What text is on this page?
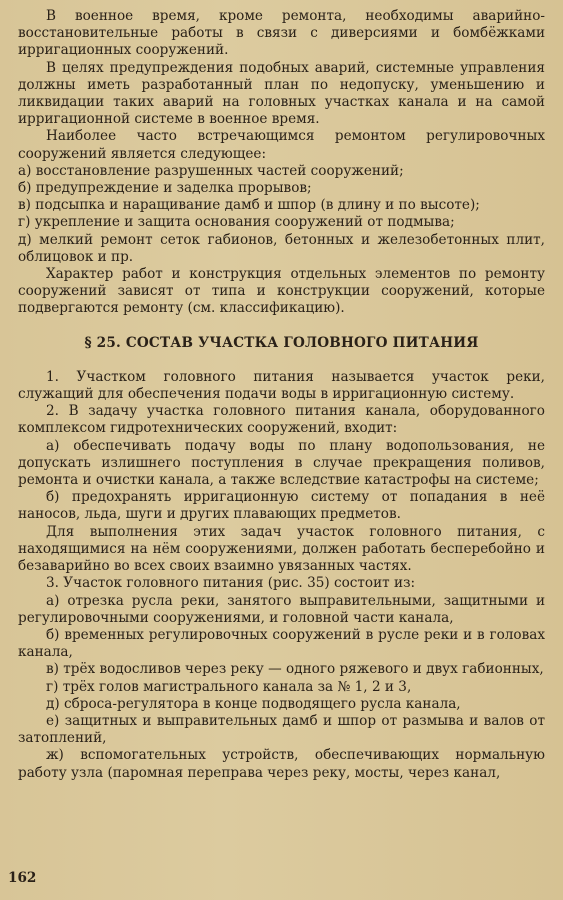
В военное время, кроме ремонта, необходимы аварийно-восстановительные работы в связи с диверсиями и бомбёжками ирригационных сооружений.

В целях предупреждения подобных аварий, системные управления должны иметь разработанный план по недопуску, уменьшению и ликвидации таких аварий на головных участках канала и на самой ирригационной системе в военное время.

Наиболее часто встречающимся ремонтом регулировочных сооружений является следующее:

а) восстановление разрушенных частей сооружений;

б) предупреждение и заделка прорывов;

в) подсыпка и наращивание дамб и шпор (в длину и по высоте);

г) укрепление и защита основания сооружений от подмыва;

д) мелкий ремонт сеток габионов, бетонных и железобетонных плит, облицовок и пр.

Характер работ и конструкция отдельных элементов по ремонту сооружений зависят от типа и конструкции сооружений, которые подвергаются ремонту (см. классификацию).

§ 25. СОСТАВ УЧАСТКА ГОЛОВНОГО ПИТАНИЯ

1. Участком головного питания называется участок реки, служащий для обеспечения подачи воды в ирригационную систему.

2. В задачу участка головного питания канала, оборудованного комплексом гидротехнических сооружений, входит:

а) обеспечивать подачу воды по плану водопользования, не допускать излишнего поступления в случае прекращения поливов, ремонта и очистки канала, а также вследствие катастрофы на системе;

б) предохранять ирригационную систему от попадания в неё наносов, льда, шуги и других плавающих предметов.

Для выполнения этих задач участок головного питания, с находящимися на нём сооружениями, должен работать бесперебойно и безаварийно во всех своих взаимно увязанных частях.

3. Участок головного питания (рис. 35) состоит из:

а) отрезка русла реки, занятого выправительными, защитными и регулировочными сооружениями, и головной части канала,

б) временных регулировочных сооружений в русле реки и в головах канала,

в) трёх водосливов через реку — одного ряжевого и двух габионных,

г) трёх голов магистрального канала за № 1, 2 и 3,

д) сброса-регулятора в конце подводящего русла канала,

е) защитных и выправительных дамб и шпор от размыва и валов от затоплений,

ж) вспомогательных устройств, обеспечивающих нормальную работу узла (паромная переправа через реку, мосты, через канал,

162
